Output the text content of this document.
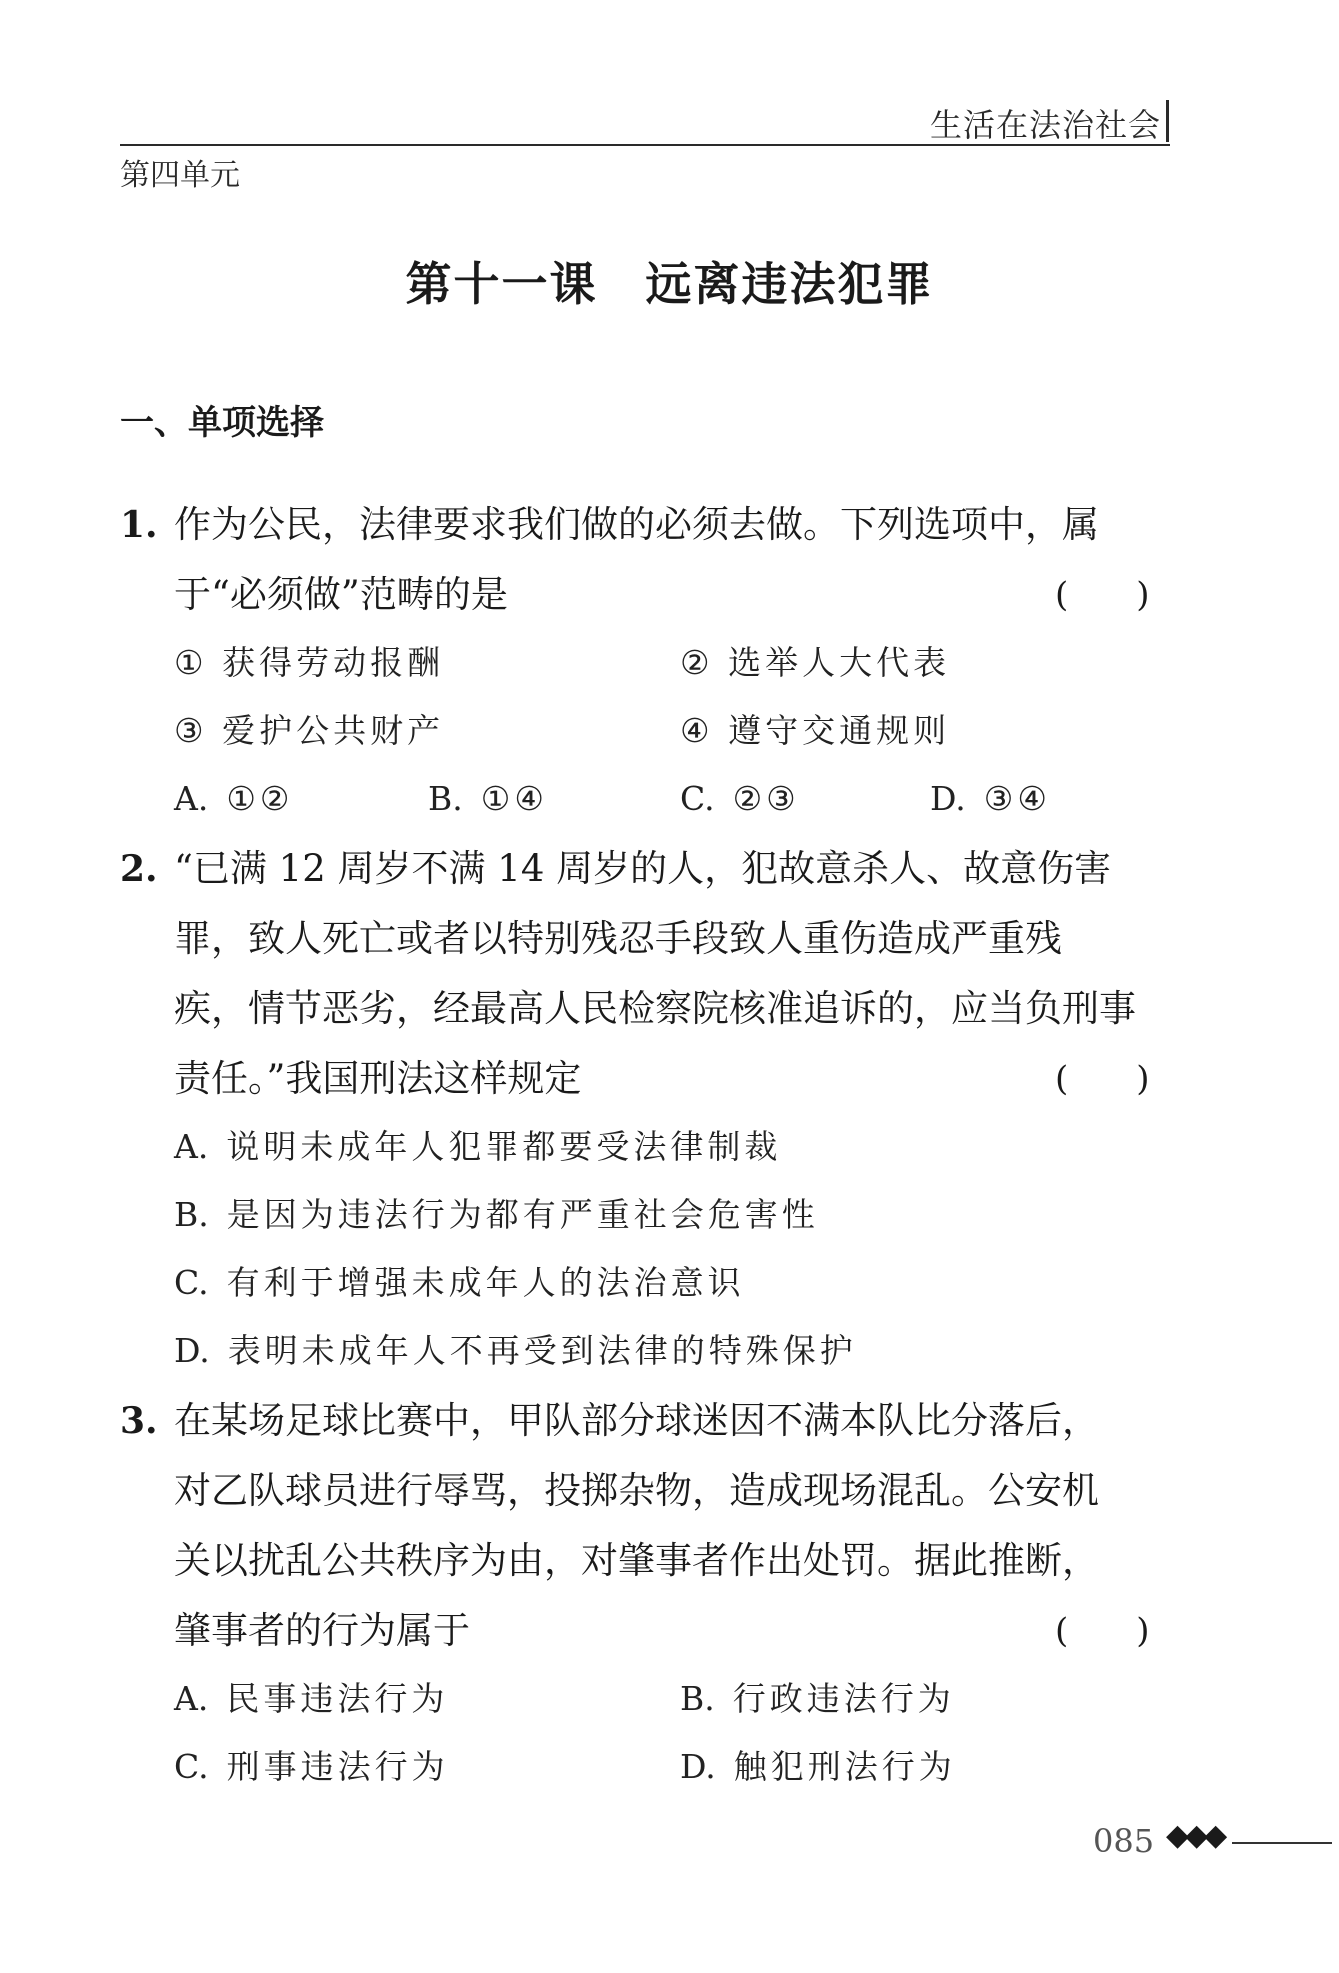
生活在法治社会
第四单元
第十一课 远离违法犯罪
一、单项选择
1. 作为公民，法律要求我们做的必须去做。下列选项中，属
于“必须做”范畴的是	(　　)
① 获得劳动报酬	② 选举人大代表
③ 爱护公共财产	④ 遵守交通规则
A. ①②	B. ①④	C. ②③	D. ③④
2. “已满 12 周岁不满 14 周岁的人，犯故意杀人、故意伤害
罪，致人死亡或者以特别残忍手段致人重伤造成严重残
疾，情节恶劣，经最高人民检察院核准追诉的，应当负刑事
责任。”我国刑法这样规定	(　　)
A. 说明未成年人犯罪都要受法律制裁
B. 是因为违法行为都有严重社会危害性
C. 有利于增强未成年人的法治意识
D. 表明未成年人不再受到法律的特殊保护
3. 在某场足球比赛中，甲队部分球迷因不满本队比分落后，
对乙队球员进行辱骂，投掷杂物，造成现场混乱。公安机
关以扰乱公共秩序为由，对肇事者作出处罚。据此推断，
肇事者的行为属于	(　　)
A. 民事违法行为	B. 行政违法行为
C. 刑事违法行为	D. 触犯刑法行为
085 ◆◆◆
